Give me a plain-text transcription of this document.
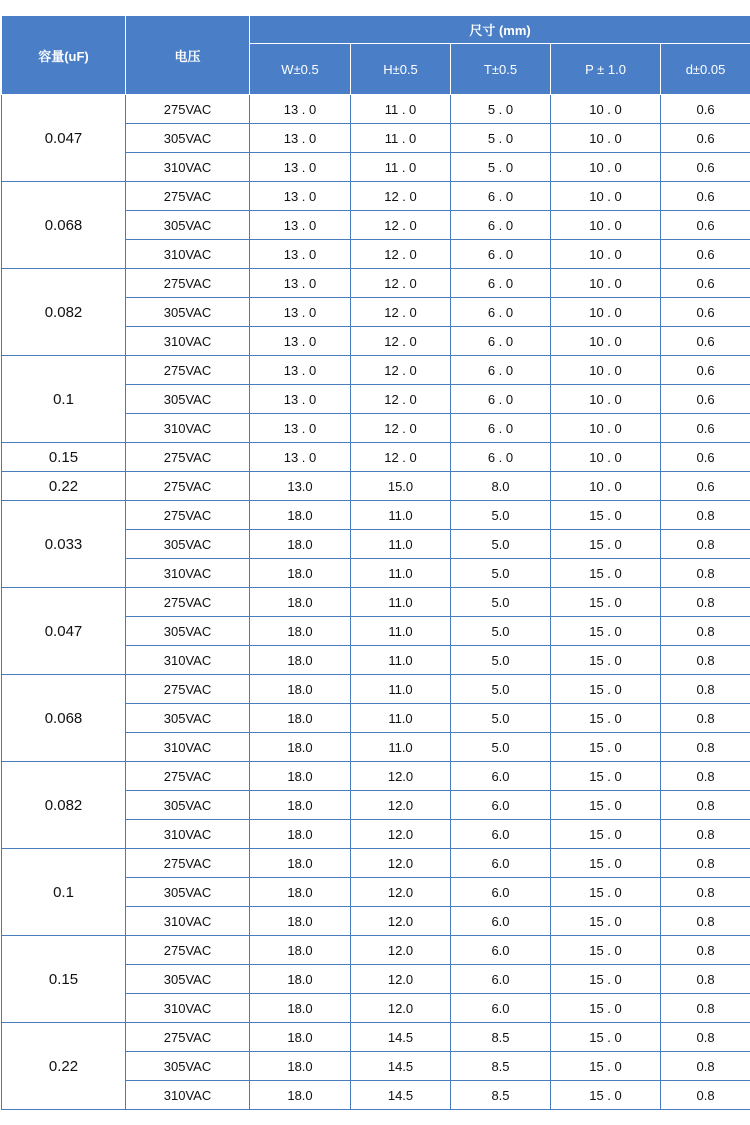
容量(uF)	电压	尺寸 (mm)				
		W±0.5	H±0.5	T±0.5	P ± 1.0	d±0.05
0.047	275VAC	13 . 0	11 . 0	5 . 0	10 . 0	0.6
	305VAC	13 . 0	11 . 0	5 . 0	10 . 0	0.6
	310VAC	13 . 0	11 . 0	5 . 0	10 . 0	0.6
0.068	275VAC	13 . 0	12 . 0	6 . 0	10 . 0	0.6
	305VAC	13 . 0	12 . 0	6 . 0	10 . 0	0.6
	310VAC	13 . 0	12 . 0	6 . 0	10 . 0	0.6
0.082	275VAC	13 . 0	12 . 0	6 . 0	10 . 0	0.6
	305VAC	13 . 0	12 . 0	6 . 0	10 . 0	0.6
	310VAC	13 . 0	12 . 0	6 . 0	10 . 0	0.6
0.1	275VAC	13 . 0	12 . 0	6 . 0	10 . 0	0.6
	305VAC	13 . 0	12 . 0	6 . 0	10 . 0	0.6
	310VAC	13 . 0	12 . 0	6 . 0	10 . 0	0.6
0.15	275VAC	13 . 0	12 . 0	6 . 0	10 . 0	0.6
0.22	275VAC	13.0	15.0	8.0	10 . 0	0.6
0.033	275VAC	18.0	11.0	5.0	15 . 0	0.8
	305VAC	18.0	11.0	5.0	15 . 0	0.8
	310VAC	18.0	11.0	5.0	15 . 0	0.8
0.047	275VAC	18.0	11.0	5.0	15 . 0	0.8
	305VAC	18.0	11.0	5.0	15 . 0	0.8
	310VAC	18.0	11.0	5.0	15 . 0	0.8
0.068	275VAC	18.0	11.0	5.0	15 . 0	0.8
	305VAC	18.0	11.0	5.0	15 . 0	0.8
	310VAC	18.0	11.0	5.0	15 . 0	0.8
0.082	275VAC	18.0	12.0	6.0	15 . 0	0.8
	305VAC	18.0	12.0	6.0	15 . 0	0.8
	310VAC	18.0	12.0	6.0	15 . 0	0.8
0.1	275VAC	18.0	12.0	6.0	15 . 0	0.8
	305VAC	18.0	12.0	6.0	15 . 0	0.8
	310VAC	18.0	12.0	6.0	15 . 0	0.8
0.15	275VAC	18.0	12.0	6.0	15 . 0	0.8
	305VAC	18.0	12.0	6.0	15 . 0	0.8
	310VAC	18.0	12.0	6.0	15 . 0	0.8
0.22	275VAC	18.0	14.5	8.5	15 . 0	0.8
	305VAC	18.0	14.5	8.5	15 . 0	0.8
	310VAC	18.0	14.5	8.5	15 . 0	0.8
